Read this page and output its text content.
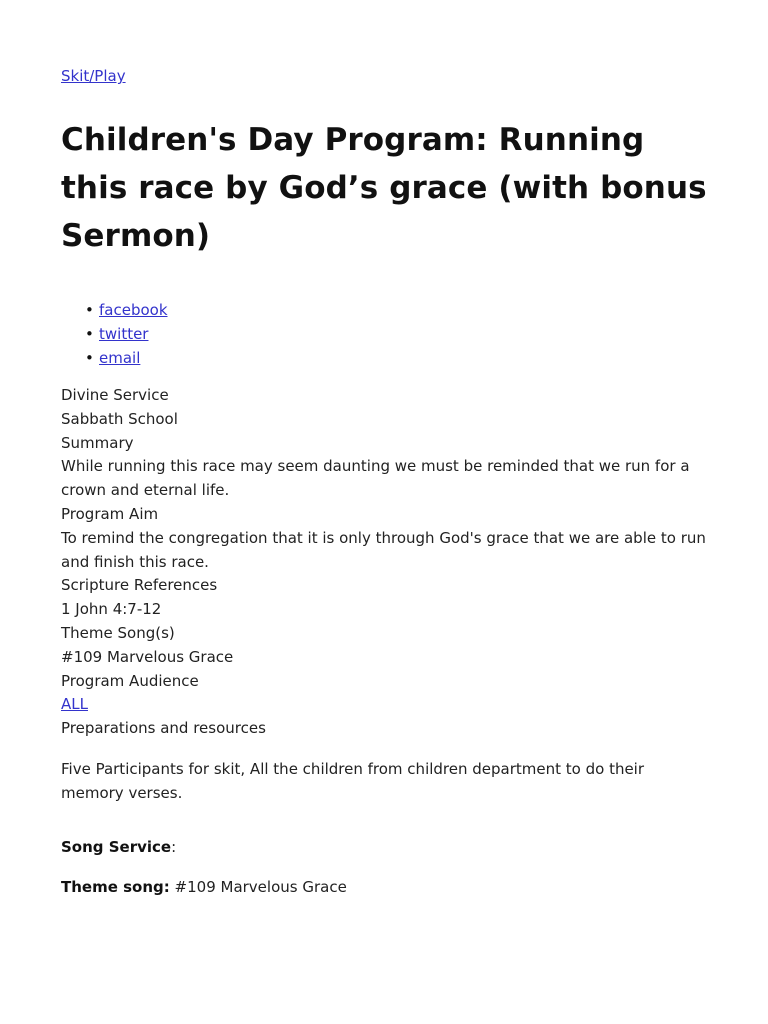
Skit/Play
Children's Day Program: Running this race by God’s grace (with bonus Sermon)
• facebook
• twitter
• email
Divine Service
Sabbath School
Summary
While running this race may seem daunting we must be reminded that we run for a crown and eternal life.
Program Aim
To remind the congregation that it is only through God's grace that we are able to run and finish this race.
Scripture References
1 John 4:7-12
Theme Song(s)
#109 Marvelous Grace
Program Audience
ALL
Preparations and resources
Five Participants for skit, All the children from children department to do their memory verses.
Song Service:
Theme song: #109 Marvelous Grace
